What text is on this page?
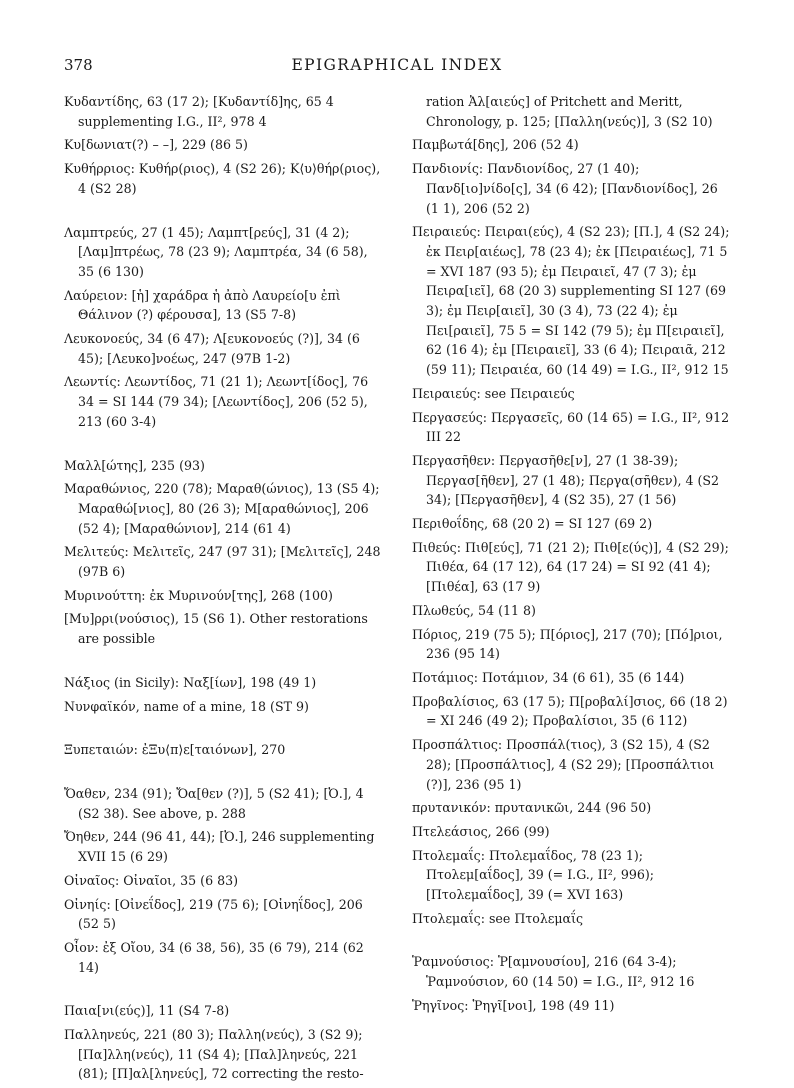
378	EPIGRAPHICAL INDEX

Κυδαντίδης, 63 (17 2); [Κυδαντίδ]ης, 65 4 supplementing I.G., II², 978 4

Κυ[δωνιατ(?) – –], 229 (86 5)

Κυθήρριος: Κυθήρ(ριος), 4 (S2 26); Κ⟨υ⟩θήρ(ριος), 4 (S2 28)

Λαμπτρεύς, 27 (1 45); Λαμπτ[ρεύς], 31 (4 2); [Λαμ]πτρέως, 78 (23 9); Λαμπτρέα, 34 (6 58), 35 (6 130)

Λαύρειον: [ἡ] χαράδρα ἡ ἀπὸ Λαυρείο[υ ἐπὶ Θάλινον (?) φέρουσα], 13 (S5 7-8)

Λευκονοεύς, 34 (6 47); Λ[ευκονοεύς (?)], 34 (6 45); [Λευκο]νοέως, 247 (97B 1-2)

Λεωντίς: Λεωντίδος, 71 (21 1); Λεωντ[ίδος], 76 34 = SI 144 (79 34); [Λεωντίδος], 206 (52 5), 213 (60 3-4)

Μαλλ[ώτης], 235 (93)

Μαραθώνιος, 220 (78); Μαραθ(ώνιος), 13 (S5 4); Μαραθώ[νιος], 80 (26 3); Μ[αραθώνιος], 206 (52 4); [Μαραθώνιον], 214 (61 4)

Μελιτεύς: Μελιτεῖς, 247 (97 31); [Μελιτεῖς], 248 (97B 6)

Μυρινούττη: ἐκ Μυρινούν[της], 268 (100)

[Μυ]ρρι(νούσιος), 15 (S6 1). Other restorations are possible

Νάξιος (in Sicily): Ναξ[ίων], 198 (49 1)

Νυνφαϊκόν, name of a mine, 18 (ST 9)

Ξυπεταιών: ἐΞυ⟨π⟩ε[ταιόνων], 270

Ὄαθεν, 234 (91); Ὄα[θεν (?)], 5 (S2 41); [Ὀ.], 4 (S2 38). See above, p. 288

Ὄηθεν, 244 (96 41, 44); [Ὀ.], 246 supplementing XVII 15 (6 29)

Οἰναῖος: Οἰναῖοι, 35 (6 83)

Οἰνηίς: [Οἰνεΐδος], 219 (75 6); [Οἰνηΐδος], 206 (52 5)

Οἶον: ἐξ Οἴου, 34 (6 38, 56), 35 (6 79), 214 (62 14)

Παια[νι(εύς)], 11 (S4 7-8)

Παλληνεύς, 221 (80 3); Παλλη(νεύς), 3 (S2 9); [Πα]λλη(νεύς), 11 (S4 4); [Παλ]ληνεύς, 221 (81); [Π]αλ[ληνεύς], 72 correcting the resto-

ration Ἀλ[αιεύς] of Pritchett and Meritt, Chronology, p. 125; [Παλλη(νεύς)], 3 (S2 10)

Παμβωτά[δης], 206 (52 4)

Πανδιονίς: Πανδιονίδος, 27 (1 40); Πανδ[ιο]νίδο[ς], 34 (6 42); [Πανδιονίδος], 26 (1 1), 206 (52 2)

Πειραιεύς: Πειραι(εύς), 4 (S2 23); [Π.], 4 (S2 24); ἐκ Πειρ[αιέως], 78 (23 4); ἐκ [Πειραιέως], 71 5 = XVI 187 (93 5); ἐμ Πειραιεῖ, 47 (7 3); ἐμ Πειρα[ιεῖ], 68 (20 3) supplementing SI 127 (69 3); ἐμ Πειρ[αιεῖ], 30 (3 4), 73 (22 4); ἐμ Πει[ραιεῖ], 75 5 = SI 142 (79 5); ἐμ Π[ειραιεῖ], 62 (16 4); ἐμ [Πειραιεῖ], 33 (6 4); Πειραιᾶ, 212 (59 11); Πειραιέα, 60 (14 49) = I.G., II², 912 15

Πειραιεύς: see Πειραιεύς

Περγασεύς: Περγασεῖς, 60 (14 65) = I.G., II², 912 III 22

Περγασῆθεν: Περγασῆθε[ν], 27 (1 38-39); Περγασ[ῆθεν], 27 (1 48); Περγα(σῆθεν), 4 (S2 34); [Περγασῆθεν], 4 (S2 35), 27 (1 56)

Περιθοΐδης, 68 (20 2) = SI 127 (69 2)

Πιθεύς: Πιθ[εύς], 71 (21 2); Πιθ[ε(ύς)], 4 (S2 29); Πιθέα, 64 (17 12), 64 (17 24) = SI 92 (41 4); [Πιθέα], 63 (17 9)

Πλωθεύς, 54 (11 8)

Πόριος, 219 (75 5); Π[όριος], 217 (70); [Πό]ριοι, 236 (95 14)

Ποτάμιος: Ποτάμιον, 34 (6 61), 35 (6 144)

Προβαλίσιος, 63 (17 5); Π[ροβαλί]σιος, 66 (18 2) = XI 246 (49 2); Προβαλίσιοι, 35 (6 112)

Προσπάλτιος: Προσπάλ(τιος), 3 (S2 15), 4 (S2 28); [Προσπάλτιος], 4 (S2 29); [Προσπάλτιοι (?)], 236 (95 1)

πρυτανικόν: πρυτανικῶι, 244 (96 50)

Πτελεάσιος, 266 (99)

Πτολεμαΐς: Πτολεμαΐδος, 78 (23 1); Πτολεμ[αΐδος], 39 (= I.G., II², 996); [Πτολεμαΐδος], 39 (= XVI 163)

Πτολεμαΐς: see Πτολεμαΐς

Ῥαμνούσιος: Ῥ[αμνουσίου], 216 (64 3-4); Ῥαμνούσιον, 60 (14 50) = I.G., II², 912 16

Ῥηγῖνος: Ῥηγῖ[νοι], 198 (49 11)
